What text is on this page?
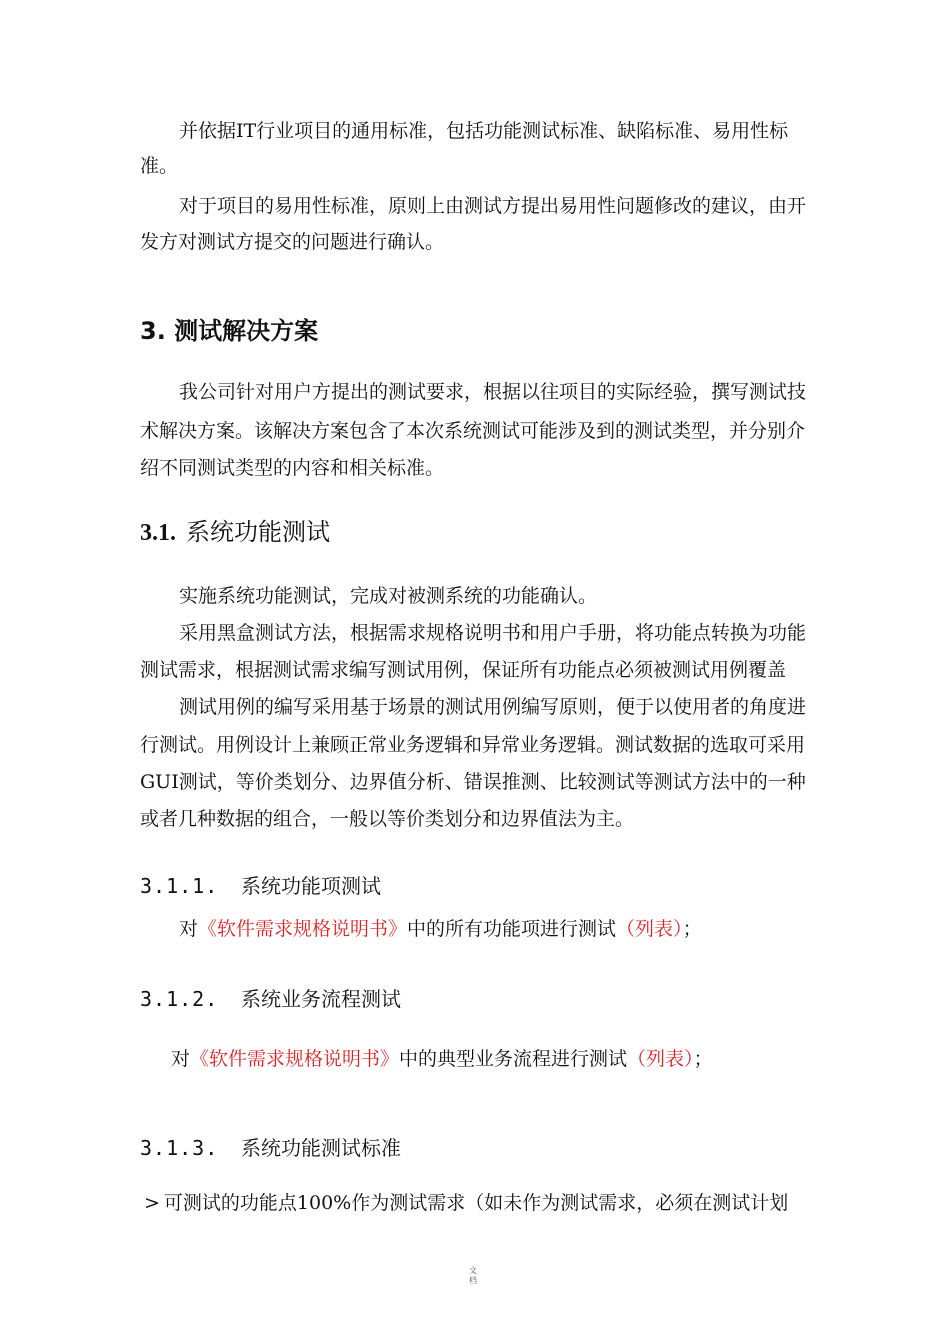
并依据IT行业项目的通用标准，包括功能测试标准、缺陷标准、易用性标
准。
对于项目的易用性标准，原则上由测试方提出易用性问题修改的建议，由开
发方对测试方提交的问题进行确认。
3. 测试解决方案
我公司针对用户方提出的测试要求，根据以往项目的实际经验，撰写测试技
术解决方案。该解决方案包含了本次系统测试可能涉及到的测试类型，并分别介
绍不同测试类型的内容和相关标准。
3.1. 系统功能测试
实施系统功能测试，完成对被测系统的功能确认。
采用黑盒测试方法，根据需求规格说明书和用户手册，将功能点转换为功能
测试需求，根据测试需求编写测试用例，保证所有功能点必须被测试用例覆盖
测试用例的编写采用基于场景的测试用例编写原则，便于以使用者的角度进
行测试。用例设计上兼顾正常业务逻辑和异常业务逻辑。测试数据的选取可采用
GUI测试，等价类划分、边界值分析、错误推测、比较测试等测试方法中的一种
或者几种数据的组合，一般以等价类划分和边界值法为主。
3.1.1. 系统功能项测试
对《软件需求规格说明书》中的所有功能项进行测试（列表）；
3.1.2. 系统业务流程测试
对《软件需求规格说明书》中的典型业务流程进行测试（列表）；
3.1.3. 系统功能测试标准
> 可测试的功能点100%作为测试需求（如未作为测试需求，必须在测试计划
文
档
